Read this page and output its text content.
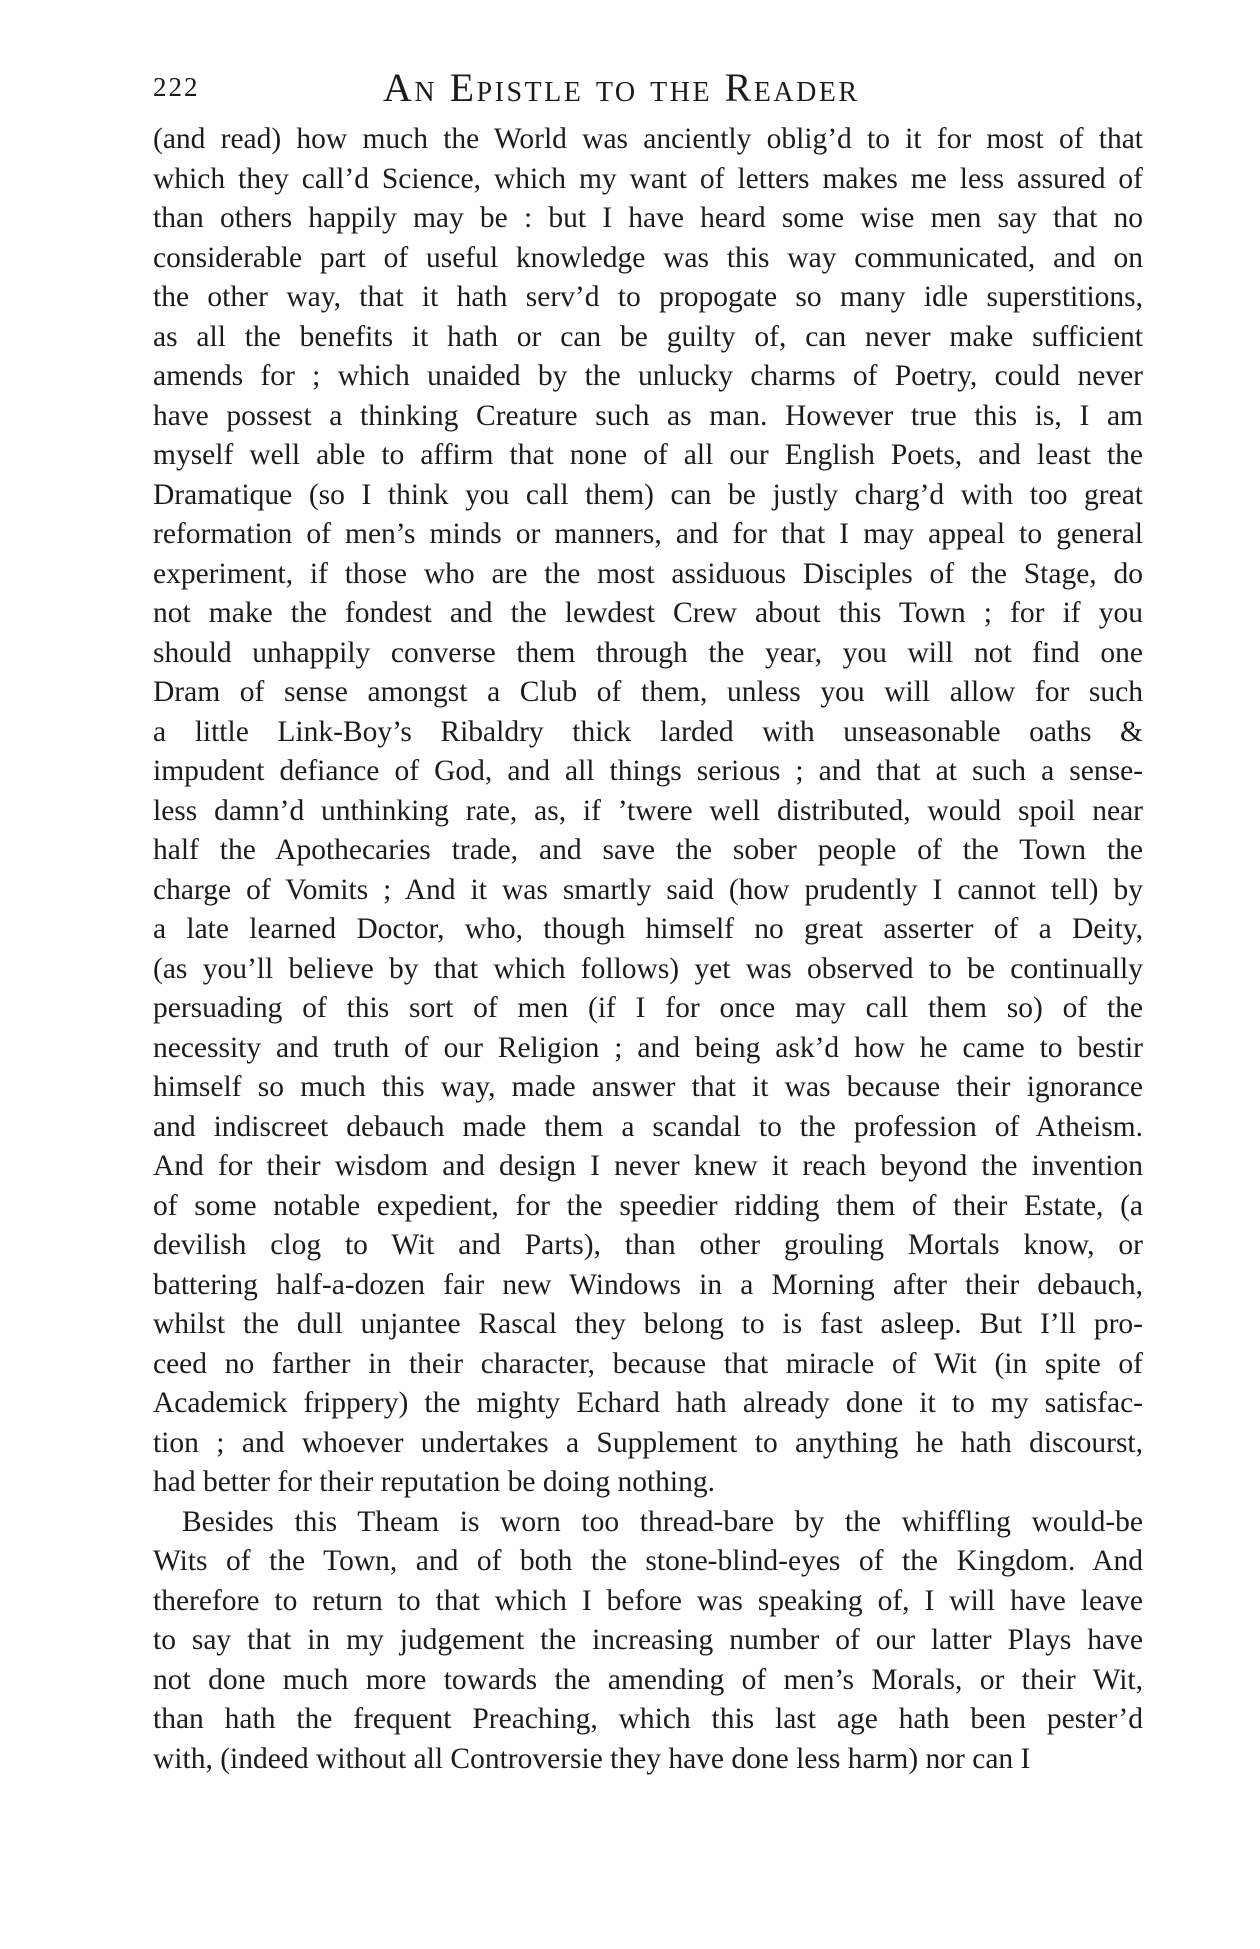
222	An Epistle to the Reader
(and read) how much the World was anciently oblig’d to it for most of that
which they call’d Science, which my want of letters makes me less assured of
than others happily may be : but I have heard some wise men say that no
considerable part of useful knowledge was this way communicated, and on
the other way, that it hath serv’d to propogate so many idle superstitions,
as all the benefits it hath or can be guilty of, can never make sufficient
amends for ; which unaided by the unlucky charms of Poetry, could never
have possest a thinking Creature such as man. However true this is, I am
myself well able to affirm that none of all our English Poets, and least the
Dramatique (so I think you call them) can be justly charg’d with too great
reformation of men’s minds or manners, and for that I may appeal to general
experiment, if those who are the most assiduous Disciples of the Stage, do
not make the fondest and the lewdest Crew about this Town ; for if you
should unhappily converse them through the year, you will not find one
Dram of sense amongst a Club of them, unless you will allow for such
a little Link-Boy’s Ribaldry thick larded with unseasonable oaths &
impudent defiance of God, and all things serious ; and that at such a sense-
less damn’d unthinking rate, as, if ’twere well distributed, would spoil near
half the Apothecaries trade, and save the sober people of the Town the
charge of Vomits ; And it was smartly said (how prudently I cannot tell) by
a late learned Doctor, who, though himself no great asserter of a Deity,
(as you’ll believe by that which follows) yet was observed to be continually
persuading of this sort of men (if I for once may call them so) of the
necessity and truth of our Religion ; and being ask’d how he came to bestir
himself so much this way, made answer that it was because their ignorance
and indiscreet debauch made them a scandal to the profession of Atheism.
And for their wisdom and design I never knew it reach beyond the invention
of some notable expedient, for the speedier ridding them of their Estate, (a
devilish clog to Wit and Parts), than other grouling Mortals know, or
battering half-a-dozen fair new Windows in a Morning after their debauch,
whilst the dull unjantee Rascal they belong to is fast asleep. But I’ll pro-
ceed no farther in their character, because that miracle of Wit (in spite of
Academick frippery) the mighty Echard hath already done it to my satisfac-
tion ; and whoever undertakes a Supplement to anything he hath discourst,
had better for their reputation be doing nothing.
Besides this Theam is worn too thread-bare by the whiffling would-be
Wits of the Town, and of both the stone-blind-eyes of the Kingdom. And
therefore to return to that which I before was speaking of, I will have leave
to say that in my judgement the increasing number of our latter Plays have
not done much more towards the amending of men’s Morals, or their Wit,
than hath the frequent Preaching, which this last age hath been pester’d
with, (indeed without all Controversie they have done less harm) nor can I
